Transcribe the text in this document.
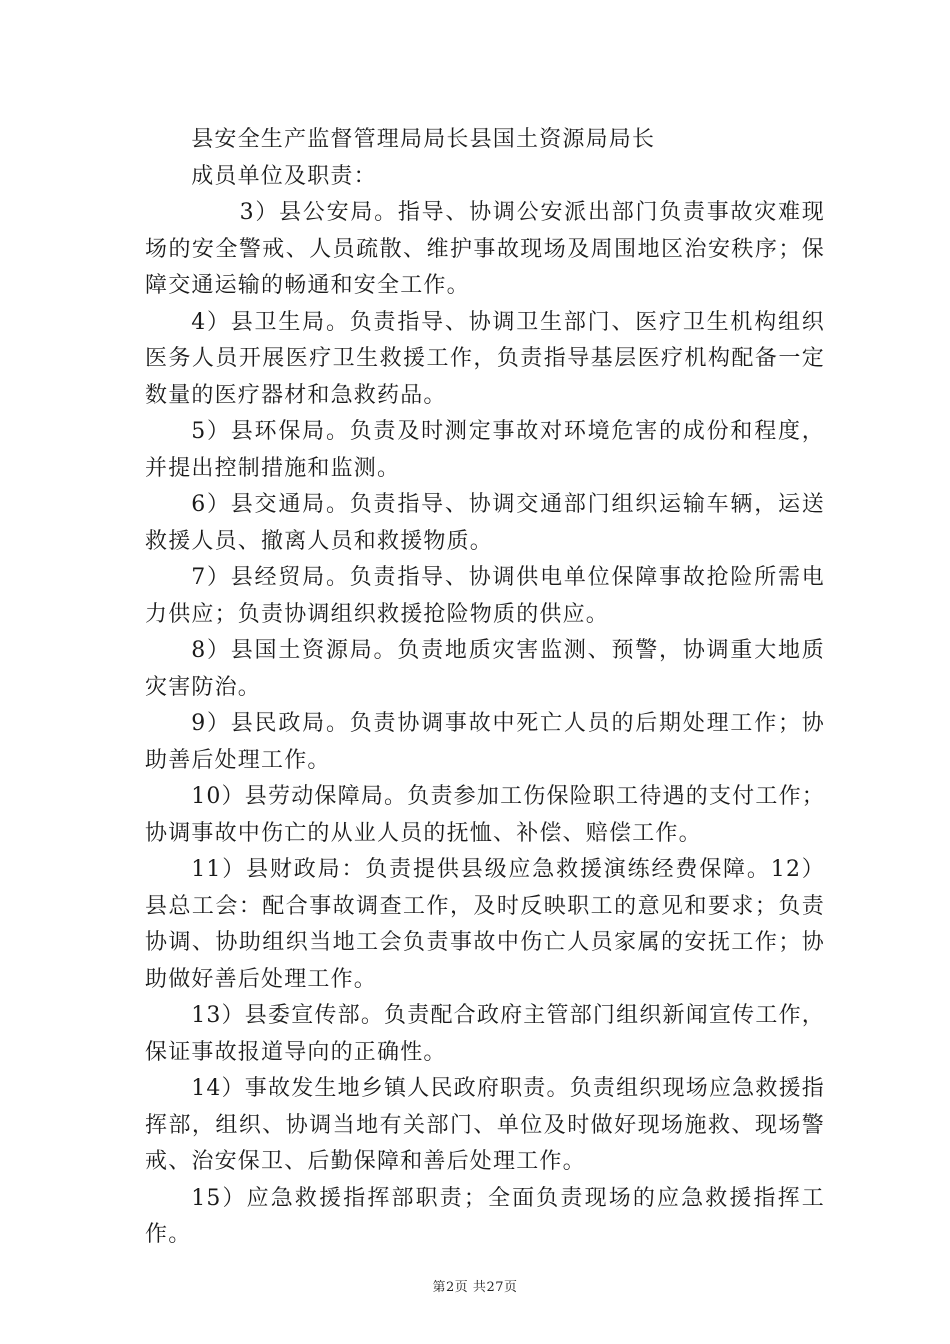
县安全生产监督管理局局长县国土资源局局长

成员单位及职责：

3）县公安局。指导、协调公安派出部门负责事故灾难现场的安全警戒、人员疏散、维护事故现场及周围地区治安秩序；保障交通运输的畅通和安全工作。

4）县卫生局。负责指导、协调卫生部门、医疗卫生机构组织医务人员开展医疗卫生救援工作，负责指导基层医疗机构配备一定数量的医疗器材和急救药品。

5）县环保局。负责及时测定事故对环境危害的成份和程度，并提出控制措施和监测。

6）县交通局。负责指导、协调交通部门组织运输车辆，运送救援人员、撤离人员和救援物质。

7）县经贸局。负责指导、协调供电单位保障事故抢险所需电力供应；负责协调组织救援抢险物质的供应。

8）县国土资源局。负责地质灾害监测、预警，协调重大地质灾害防治。

9）县民政局。负责协调事故中死亡人员的后期处理工作；协助善后处理工作。

10）县劳动保障局。负责参加工伤保险职工待遇的支付工作；协调事故中伤亡的从业人员的抚恤、补偿、赔偿工作。

11）县财政局：负责提供县级应急救援演练经费保障。12）县总工会：配合事故调查工作，及时反映职工的意见和要求；负责协调、协助组织当地工会负责事故中伤亡人员家属的安抚工作；协助做好善后处理工作。

13）县委宣传部。负责配合政府主管部门组织新闻宣传工作，保证事故报道导向的正确性。

14）事故发生地乡镇人民政府职责。负责组织现场应急救援指挥部，组织、协调当地有关部门、单位及时做好现场施救、现场警戒、治安保卫、后勤保障和善后处理工作。

15）应急救援指挥部职责；全面负责现场的应急救援指挥工作。

第2页 共27页
